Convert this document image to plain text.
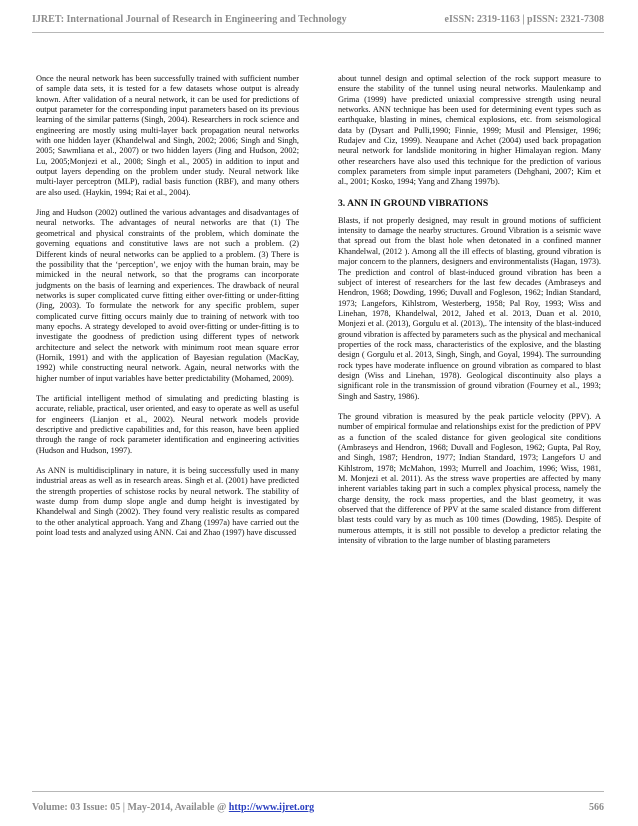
IJRET: International Journal of Research in Engineering and Technology	eISSN: 2319-1163 | pISSN: 2321-7308

Once the neural network has been successfully trained with sufficient number of sample data sets, it is tested for a few datasets whose output is already known. After validation of a neural network, it can be used for predictions of output parameter for the corresponding input parameters based on its previous learning of the similar patterns (Singh, 2004). Researchers in rock science and engineering are mostly using multi-layer back propagation neural networks with one hidden layer (Khandelwal and Singh, 2002; 2006; Singh and Singh, 2005; Sawmliana et al., 2007) or two hidden layers (Jing and Hudson, 2002; Lu, 2005;Monjezi et al., 2008; Singh et al., 2005) in addition to input and output layers depending on the problem under study. Neural network like multi-layer perceptron (MLP), radial basis function (RBF), and many others are also used. (Haykin, 1994; Rai et al., 2004).

Jing and Hudson (2002) outlined the various advantages and disadvantages of neural networks. The advantages of neural networks are that (1) The geometrical and physical constraints of the problem, which dominate the governing equations and constitutive laws are not such a problem. (2) Different kinds of neural networks can be applied to a problem. (3) There is the possibility that the ‘perception’, we enjoy with the human brain, may be mimicked in the neural network, so that the programs can incorporate judgments on the basis of learning and experiences. The drawback of neural networks is super complicated curve fitting either over-fitting or under-fitting (Jing, 2003). To formulate the network for any specific problem, super complicated curve fitting occurs mainly due to training of network with too many epochs. A strategy developed to avoid over-fitting or under-fitting is to investigate the goodness of prediction using different types of network architecture and select the network with minimum root mean square error (Hornik, 1991) and with the application of Bayesian regulation (MacKay, 1992) while constructing neural network. Again, neural networks with the higher number of input variables have better predictability (Mohamed, 2009).

The artificial intelligent method of simulating and predicting blasting is accurate, reliable, practical, user oriented, and easy to operate as well as useful for engineers (Lianjon et al., 2002). Neural network models provide descriptive and predictive capabilities and, for this reason, have been applied through the range of rock parameter identification and engineering activities (Hudson and Hudson, 1997).

As ANN is multidisciplinary in nature, it is being successfully used in many industrial areas as well as in research areas. Singh et al. (2001) have predicted the strength properties of schistose rocks by neural network. The stability of waste dump from dump slope angle and dump height is investigated by Khandelwal and Singh (2002). They found very realistic results as compared to the other analytical approach. Yang and Zhang (1997a) have carried out the point load tests and analyzed using ANN. Cai and Zhao (1997) have discussed

about tunnel design and optimal selection of the rock support measure to ensure the stability of the tunnel using neural networks. Maulenkamp and Grima (1999) have predicted uniaxial compressive strength using neural networks. ANN technique has been used for determining event types such as earthquake, blasting in mines, chemical explosions, etc. from seismological data by (Dysart and Pulli,1990; Finnie, 1999; Musil and Plensiger, 1996; Rudajev and Ciz, 1999). Neaupane and Achet (2004) used back propagation neural network for landslide monitoring in higher Himalayan region. Many other researchers have also used this technique for the prediction of various complex parameters from simple input parameters (Dehghani, 2007; Kim et al., 2001; Kosko, 1994; Yang and Zhang 1997b).

3. ANN IN GROUND VIBRATIONS

Blasts, if not properly designed, may result in ground motions of sufficient intensity to damage the nearby structures. Ground Vibration is a seismic wave that spread out from the blast hole when detonated in a confined manner Khandelwal, (2012 ). Among all the ill effects of blasting, ground vibration is major concern to the planners, designers and environmentalists (Hagan, 1973). The prediction and control of blast-induced ground vibration has been a subject of interest of researchers for the last few decades (Ambraseys and Hendron, 1968; Dowding, 1996; Duvall and Fogleson, 1962; Indian Standard, 1973; Langefors, Kihlstrom, Westerberg, 1958; Pal Roy, 1993; Wiss and Linehan, 1978, Khandelwal, 2012, Jahed et al. 2013, Duan et al. 2010, Monjezi et al. (2013), Gorgulu et al. (2013),. The intensity of the blast-induced ground vibration is affected by parameters such as the physical and mechanical properties of the rock mass, characteristics of the explosive, and the blasting design ( Gorgulu et al. 2013, Singh, Singh, and Goyal, 1994). The surrounding rock types have moderate influence on ground vibration as compared to blast design (Wiss and Linehan, 1978). Geological discontinuity also plays a significant role in the transmission of ground vibration (Fourney et al., 1993; Singh and Sastry, 1986).

The ground vibration is measured by the peak particle velocity (PPV). A number of empirical formulae and relationships exist for the prediction of PPV as a function of the scaled distance for given geological site conditions (Ambraseys and Hendron, 1968; Duvall and Fogleson, 1962; Gupta, Pal Roy, and Singh, 1987; Hendron, 1977; Indian Standard, 1973; Langefors U and Kihlstrom, 1978; McMahon, 1993; Murrell and Joachim, 1996; Wiss, 1981, M. Monjezi et al. 2011). As the stress wave properties are affected by many inherent variables taking part in such a complex physical process, namely the charge density, the rock mass properties, and the blast geometry, it was observed that the difference of PPV at the same scaled distance from different blast tests could vary by as much as 100 times (Dowding, 1985). Despite of numerous attempts, it is still not possible to develop a predictor relating the intensity of vibration to the large number of blasting parameters

Volume: 03 Issue: 05 | May-2014, Available @ http://www.ijret.org	566
